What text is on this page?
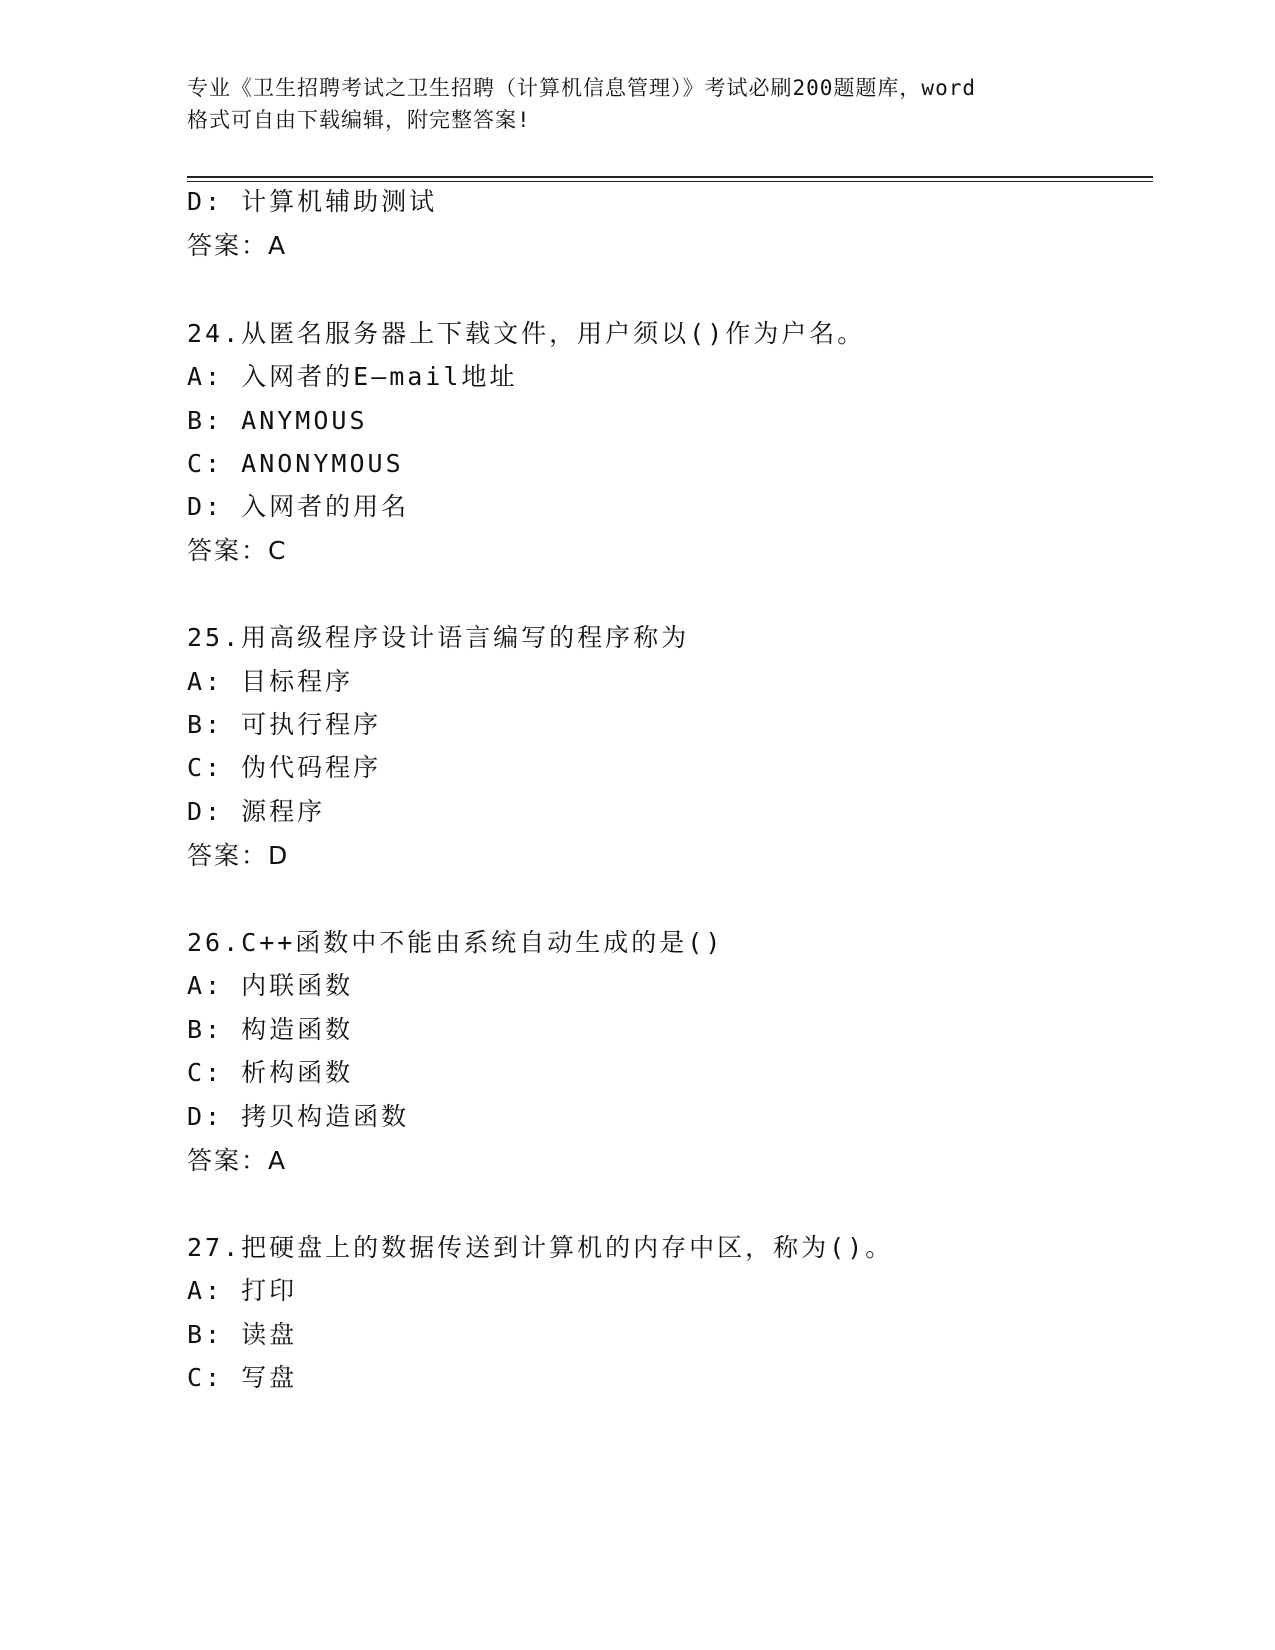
专业《卫生招聘考试之卫生招聘（计算机信息管理）》考试必刷200题题库，word
格式可自由下载编辑，附完整答案!
D: 计算机辅助测试
答案：A
24.从匿名服务器上下载文件，用户须以()作为户名。
A: 入网者的E—mail地址
B: ANYMOUS
C: ANONYMOUS
D: 入网者的用名
答案：C
25.用高级程序设计语言编写的程序称为
A: 目标程序
B: 可执行程序
C: 伪代码程序
D: 源程序
答案：D
26.C++函数中不能由系统自动生成的是()
A: 内联函数
B: 构造函数
C: 析构函数
D: 拷贝构造函数
答案：A
27.把硬盘上的数据传送到计算机的内存中区，称为()。
A: 打印
B: 读盘
C: 写盘
